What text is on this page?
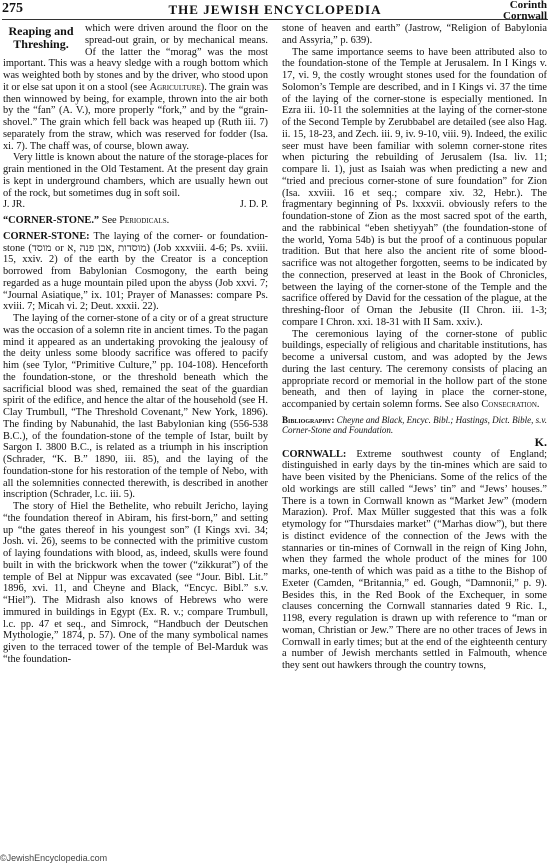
275	THE JEWISH ENCYCLOPEDIA	Corinth
Cornwall

Reaping and Threshing.
which were driven around the floor on the spread-out grain, or by mechanical means. Of the latter the “morag” was the most important. This was a heavy sledge with a rough bottom which was weighted both by stones and by the driver, who stood upon it or else sat upon it on a stool (see Agriculture). The grain was then winnowed by being, for example, thrown into the air both by the “fan” (A. V.), more properly “fork,” and by the “grain-shovel.” The grain which fell back was heaped up (Ruth iii. 7) separately from the straw, which was reserved for fodder (Isa. xi. 7). The chaff was, of course, blown away.

Very little is known about the nature of the storage-places for grain mentioned in the Old Testament. At the present day grain is kept in underground chambers, which are usually hewn out of the rock, but sometimes dug in soft soil.

J. JR.	J. D. P.

“CORNER-STONE.” See Periodicals.

CORNER-STONE: The laying of the corner- or foundation-stone (מוסד or מוסדות ,אבן פנה ,א) (Job xxxviii. 4-6; Ps. xviii. 15, xxiv. 2) of the earth by the Creator is a conception borrowed from Babylonian Cosmogony, the earth being regarded as a huge mountain piled upon the abyss (Job xxvi. 7; “Journal Asiatique,” ix. 101; Prayer of Manasses: compare Ps. xviii. 7; Micah vi. 2; Deut. xxxii. 22).

The laying of the corner-stone of a city or of a great structure was the occasion of a solemn rite in ancient times. To the pagan mind it appeared as an undertaking provoking the jealousy of the deity unless some bloody sacrifice was offered to pacify him (see Tylor, “Primitive Culture,” pp. 104-108). Henceforth the foundation-stone, or the threshold beneath which the sacrificial blood was shed, remained the seat of the guardian spirit of the edifice, and hence the altar of the household (see H. Clay Trumbull, “The Threshold Covenant,” New York, 1896). The finding by Nabunahid, the last Babylonian king (556-538 B.C.), of the foundation-stone of the temple of Istar, built by Sargon I. 3800 B.C., is related as a triumph in his inscription (Schrader, “K. B.” 1890, iii. 85), and the laying of the foundation-stone for his restoration of the temple of Nebo, with all the solemnities connected therewith, is described in another inscription (Schrader, l.c. iii. 5).

The story of Hiel the Bethelite, who rebuilt Jericho, laying “the foundation thereof in Abiram, his first-born,” and setting up “the gates thereof in his youngest son” (I Kings xvi. 34; Josh. vi. 26), seems to be connected with the primitive custom of laying foundations with blood, as, indeed, skulls were found built in with the brickwork when the tower (“zikkurat”) of the temple of Bel at Nippur was excavated (see “Jour. Bibl. Lit.” 1896, xvi. 11, and Cheyne and Black, “Encyc. Bibl.” s.v. “Hiel”). The Midrash also knows of Hebrews who were immured in buildings in Egypt (Ex. R. v.; compare Trumbull, l.c. pp. 47 et seq., and Simrock, “Handbuch der Deutschen Mythologie,” 1874, p. 57). One of the many symbolical names given to the terraced tower of the temple of Bel-Marduk was “the foundation-

stone of heaven and earth” (Jastrow, “Religion of Babylonia and Assyria,” p. 639).

The same importance seems to have been attributed also to the foundation-stone of the Temple at Jerusalem. In I Kings v. 17, vi. 9, the costly wrought stones used for the foundation of Solomon’s Temple are described, and in I Kings vi. 37 the time of the laying of the corner-stone is especially mentioned. In Ezra iii. 10-11 the solemnities at the laying of the corner-stone of the Second Temple by Zerubbabel are detailed (see also Hag. ii. 15, 18-23, and Zech. iii. 9, iv. 9-10, viii. 9). Indeed, the exilic seer must have been familiar with solemn corner-stone rites when picturing the rebuilding of Jerusalem (Isa. liv. 11; compare li. 1), just as Isaiah was when predicting a new and “tried and precious corner-stone of sure foundation” for Zion (Isa. xxviii. 16 et seq.; compare xiv. 32, Hebr.). The fragmentary beginning of Ps. lxxxvii. obviously refers to the foundation-stone of Zion as the most sacred spot of the earth, and the rabbinical “eben shetiyyah” (the foundation-stone of the world, Yoma 54b) is but the proof of a continuous popular tradition. But that here also the ancient rite of some blood-sacrifice was not altogether forgotten, seems to be indicated by the connection, preserved at least in the Book of Chronicles, between the laying of the corner-stone of the Temple and the sacrifice offered by David for the cessation of the plague, at the threshing-floor of Ornan the Jebusite (II Chron. iii. 1-3; compare I Chron. xxi. 18-31 with II Sam. xxiv.).

The ceremonious laying of the corner-stone of public buildings, especially of religious and charitable institutions, has become a universal custom, and was adopted by the Jews during the last century. The ceremony consists of placing an appropriate record or memorial in the hollow part of the stone beneath, and then of laying in place the corner-stone, accompanied by certain solemn forms. See also Consecration.

Bibliography: Cheyne and Black, Encyc. Bibl.; Hastings, Dict. Bible, s.v. Corner-Stone and Foundation.

K.

CORNWALL: Extreme southwest county of England; distinguished in early days by the tin-mines which are said to have been visited by the Phenicians. Some of the relics of the old workings are still called “Jews’ tin” and “Jews’ houses.” There is a town in Cornwall known as “Market Jew” (modern Marazion). Prof. Max Müller suggested that this was a folk etymology for “Thursdaies market” (“Marhas diow”), but there is distinct evidence of the connection of the Jews with the stannaries or tin-mines of Cornwall in the reign of King John, when they farmed the whole product of the mines for 100 marks, one-tenth of which was paid as a tithe to the Bishop of Exeter (Camden, “Britannia,” ed. Gough, “Damnonii,” p. 9). Besides this, in the Red Book of the Exchequer, in some clauses concerning the Cornwall stannaries dated 9 Ric. I., 1198, every regulation is drawn up with reference to “man or woman, Christian or Jew.” There are no other traces of Jews in Cornwall in early times; but at the end of the eighteenth century a number of Jewish merchants settled in Falmouth, whence they sent out hawkers through the country towns,

©JewishEncyclopedia.com
